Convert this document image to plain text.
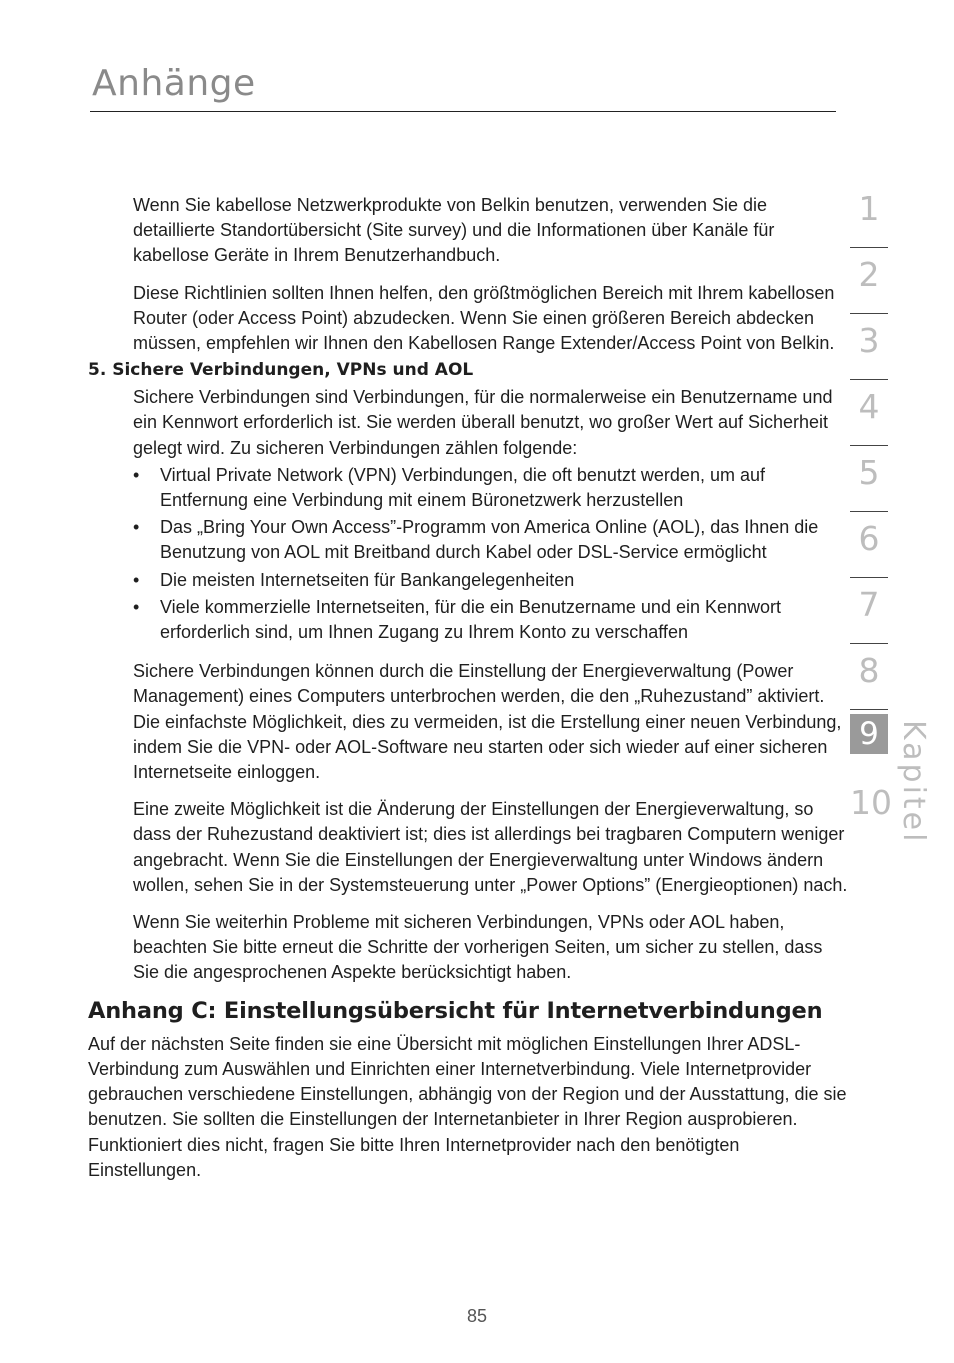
Anhänge

Wenn Sie kabellose Netzwerkprodukte von Belkin benutzen, verwenden Sie die detaillierte Standortübersicht (Site survey) und die Informationen über Kanäle für kabellose Geräte in Ihrem Benutzerhandbuch.

Diese Richtlinien sollten Ihnen helfen, den größtmöglichen Bereich mit Ihrem kabellosen Router (oder Access Point) abzudecken. Wenn Sie einen größeren Bereich abdecken müssen, empfehlen wir Ihnen den Kabellosen Range Extender/Access Point von Belkin.

5. Sichere Verbindungen, VPNs und AOL

Sichere Verbindungen sind Verbindungen, für die normalerweise ein Benutzername und ein Kennwort erforderlich ist. Sie werden überall benutzt, wo großer Wert auf Sicherheit gelegt wird. Zu sicheren Verbindungen zählen folgende:

• Virtual Private Network (VPN) Verbindungen, die oft benutzt werden, um auf Entfernung eine Verbindung mit einem Büronetzwerk herzustellen
• Das „Bring Your Own Access”-Programm von America Online (AOL), das Ihnen die Benutzung von AOL mit Breitband durch Kabel oder DSL-Service ermöglicht
• Die meisten Internetseiten für Bankangelegenheiten
• Viele kommerzielle Internetseiten, für die ein Benutzername und ein Kennwort erforderlich sind, um Ihnen Zugang zu Ihrem Konto zu verschaffen

Sichere Verbindungen können durch die Einstellung der Energieverwaltung (Power Management) eines Computers unterbrochen werden, die den „Ruhezustand” aktiviert. Die einfachste Möglichkeit, dies zu vermeiden, ist die Erstellung einer neuen Verbindung, indem Sie die VPN- oder AOL-Software neu starten oder sich wieder auf einer sicheren Internetseite einloggen.

Eine zweite Möglichkeit ist die Änderung der Einstellungen der Energieverwaltung, so dass der Ruhezustand deaktiviert ist; dies ist allerdings bei tragbaren Computern weniger angebracht. Wenn Sie die Einstellungen der Energieverwaltung unter Windows ändern wollen, sehen Sie in der Systemsteuerung unter „Power Options” (Energieoptionen) nach.

Wenn Sie weiterhin Probleme mit sicheren Verbindungen, VPNs oder AOL haben, beachten Sie bitte erneut die Schritte der vorherigen Seiten, um sicher zu stellen, dass Sie die angesprochenen Aspekte berücksichtigt haben.

Anhang C: Einstellungsübersicht für Internetverbindungen

Auf der nächsten Seite finden sie eine Übersicht mit möglichen Einstellungen Ihrer ADSL-Verbindung zum Auswählen und Einrichten einer Internetverbindung. Viele Internetprovider gebrauchen verschiedene Einstellungen, abhängig von der Region und der Ausstattung, die sie benutzen. Sie sollten die Einstellungen der Internetanbieter in Ihrer Region ausprobieren. Funktioniert dies nicht, fragen Sie bitte Ihren Internetprovider nach den benötigten Einstellungen.

1
2
3
4
5
6
7
8
9
10 Kapitel
85
